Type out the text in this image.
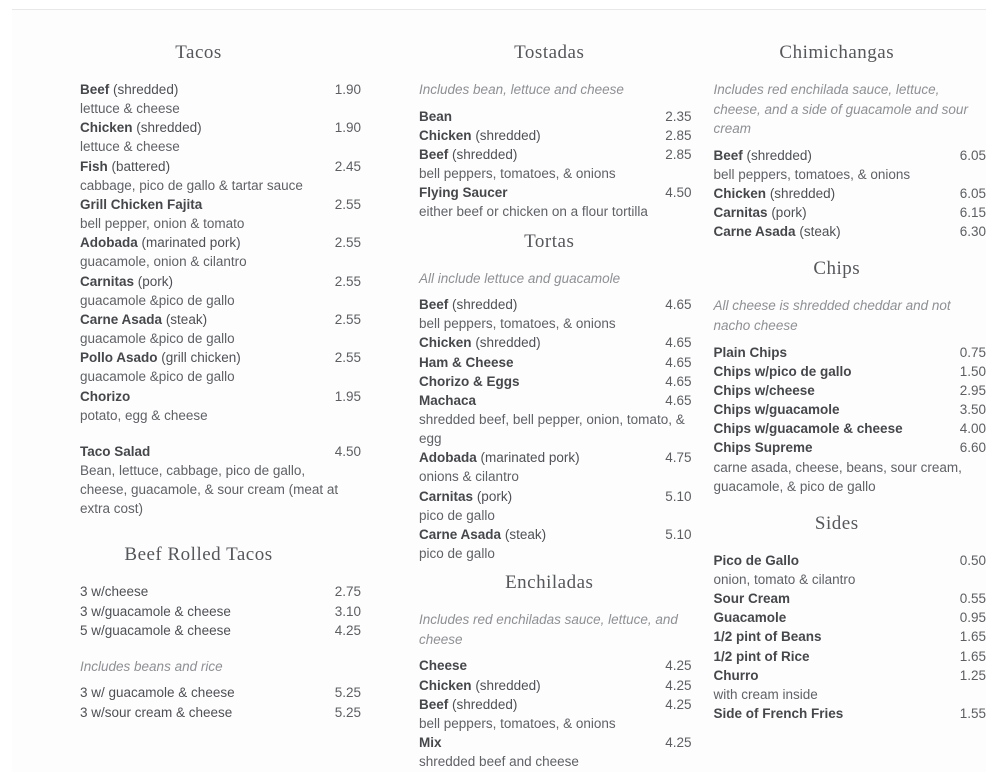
Tacos
Beef (shredded)	1.90
lettuce & cheese
Chicken (shredded)	1.90
lettuce & cheese
Fish (battered)	2.45
cabbage, pico de gallo & tartar sauce
Grill Chicken Fajita	2.55
bell pepper, onion & tomato
Adobada (marinated pork)	2.55
guacamole, onion & cilantro
Carnitas (pork)	2.55
guacamole &pico de gallo
Carne Asada (steak)	2.55
guacamole &pico de gallo
Pollo Asado (grill chicken)	2.55
guacamole &pico de gallo
Chorizo	1.95
potato, egg & cheese
Taco Salad	4.50
Bean, lettuce, cabbage, pico de gallo, cheese, guacamole, & sour cream (meat at extra cost)
Beef Rolled Tacos
3 w/cheese	2.75
3 w/guacamole & cheese	3.10
5 w/guacamole & cheese	4.25
Includes beans and rice
3 w/ guacamole & cheese	5.25
3 w/sour cream & cheese	5.25
Tostadas
Includes bean, lettuce and cheese
Bean	2.35
Chicken (shredded)	2.85
Beef (shredded)	2.85
bell peppers, tomatoes, & onions
Flying Saucer	4.50
either beef or chicken on a flour tortilla
Tortas
All include lettuce and guacamole
Beef (shredded)	4.65
bell peppers, tomatoes, & onions
Chicken (shredded)	4.65
Ham & Cheese	4.65
Chorizo & Eggs	4.65
Machaca	4.65
shredded beef, bell pepper, onion, tomato, & egg
Adobada (marinated pork)	4.75
onions & cilantro
Carnitas (pork)	5.10
pico de gallo
Carne Asada (steak)	5.10
pico de gallo
Enchiladas
Includes red enchiladas sauce, lettuce, and cheese
Cheese	4.25
Chicken (shredded)	4.25
Beef (shredded)	4.25
bell peppers, tomatoes, & onions
Mix	4.25
shredded beef and cheese
Chimichangas
Includes red enchilada sauce, lettuce, cheese, and a side of guacamole and sour cream
Beef (shredded)	6.05
bell peppers, tomatoes, & onions
Chicken (shredded)	6.05
Carnitas (pork)	6.15
Carne Asada (steak)	6.30
Chips
All cheese is shredded cheddar and not nacho cheese
Plain Chips	0.75
Chips w/pico de gallo	1.50
Chips w/cheese	2.95
Chips w/guacamole	3.50
Chips w/guacamole & cheese	4.00
Chips Supreme	6.60
carne asada, cheese, beans, sour cream, guacamole, & pico de gallo
Sides
Pico de Gallo	0.50
onion, tomato & cilantro
Sour Cream	0.55
Guacamole	0.95
1/2 pint of Beans	1.65
1/2 pint of Rice	1.65
Churro	1.25
with cream inside
Side of French Fries	1.55
